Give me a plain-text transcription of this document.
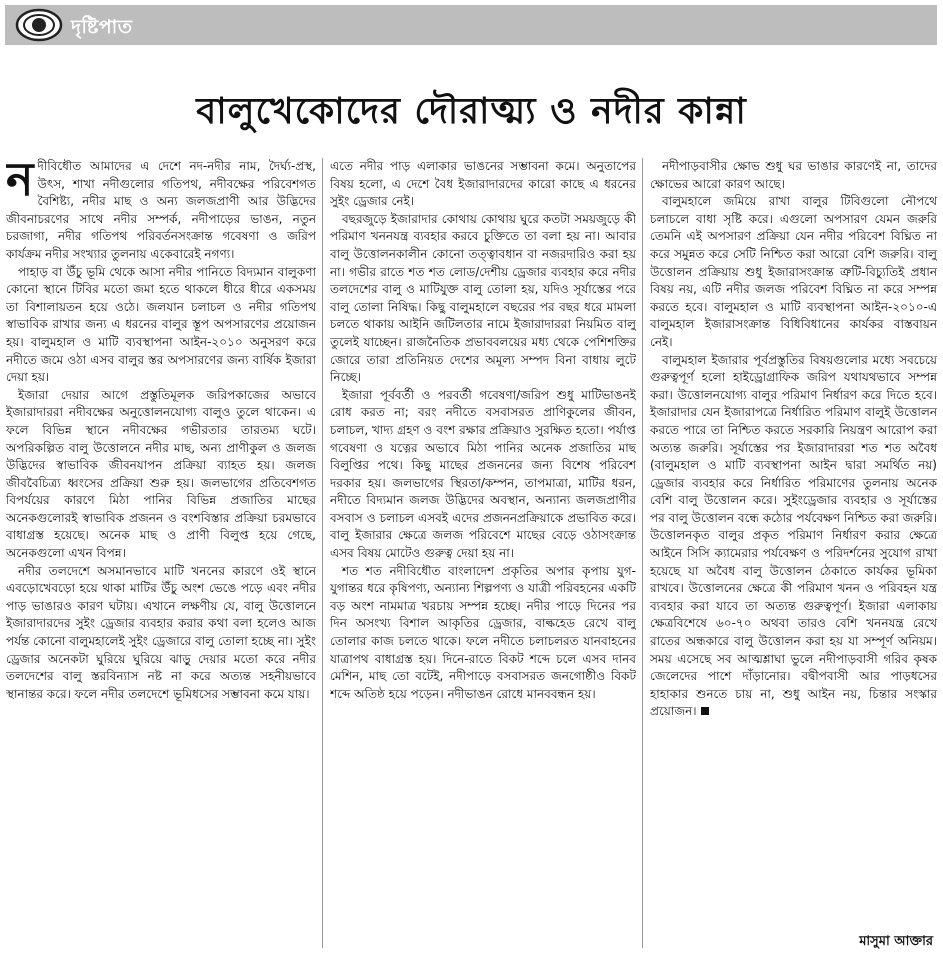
দৃষ্টিপাত
বালুখেকোদের দৌরাত্ম্য ও নদীর কান্না

নদীবিধৌত আমাদের এ দেশে নদ-নদীর নাম, দৈর্ঘ্য-প্রস্থ, উৎস, শাখা নদীগুলোর গতিপথ, নদীবক্ষের পরিবেশগত বৈশিষ্ট্য, নদীর মাছ ও অন্য জলজপ্রাণী আর উদ্ভিদের জীবনাচরণের সাথে নদীর সম্পর্ক, নদীপাড়ের ভাঙন, নতুন চরজাগা, নদীর গতিপথ পরিবর্তনসংক্রান্ত গবেষণা ও জরিপ কার্যক্রম নদীর সংখ্যার তুলনায় একেবারেই নগণ্য।

পাহাড় বা উঁচু ভূমি থেকে আসা নদীর পানিতে বিদ্যমান বালুকণা কোনো স্থানে টিবির মতো জমা হতে থাকলে ধীরে ধীরে একসময় তা বিশালায়তন হয়ে ওঠে। জলযান চলাচল ও নদীর গতিপথ স্বাভাবিক রাখার জন্য এ ধরনের বালুর স্তূপ অপসারণের প্রয়োজন হয়। বালুমহাল ও মাটি ব্যবস্থাপনা আইন-২০১০ অনুসরণ করে নদীতে জমে ওঠা এসব বালুর স্তর অপসারণের জন্য বার্ষিক ইজারা দেয়া হয়।

ইজারা দেয়ার আগে প্রস্তুতিমূলক জরিপকাজের অভাবে ইজারাদাররা নদীবক্ষের অনুত্তোলনযোগ্য বালুও তুলে থাকেন। এ ফলে বিভিন্ন স্থানে নদীবক্ষের গভীরতার তারতম্য ঘটে। অপরিকল্পিত বালু উত্তোলনে নদীর মাছ, অন্য প্রাণীকুল ও জলজ উদ্ভিদের স্বাভাবিক জীবনযাপন প্রক্রিয়া ব্যাহত হয়। জলজ জীববৈচিত্র্য ধ্বংসের প্রক্রিয়া শুরু হয়। জলভাগের প্রতিবেশগত বিপর্যয়ের কারণে মিঠা পানির বিভিন্ন প্রজাতির মাছের অনেকগুলোরই স্বাভাবিক প্রজনন ও বংশবিস্তার প্রক্রিয়া চরমভাবে বাধাগ্রস্ত হয়েছে। অনেক মাছ ও প্রাণী বিলুপ্ত হয়ে গেছে, অনেকগুলো এখন বিপন্ন।

নদীর তলদেশে অসমানভাবে মাটি খননের কারণে ওই স্থানে এবড়োখেবড়ো হয়ে থাকা মাটির উঁচু অংশ ভেঙে পড়ে এবং নদীর পাড় ভাঙারও কারণ ঘটায়। এখানে লক্ষণীয় যে, বালু উত্তোলনে ইজারাদারদের সুইং ড্রেজার ব্যবহার করার কথা বলা হলেও আজ পর্যন্ত কোনো বালুমহালেই সুইং ড্রেজারে বালু তোলা হচ্ছে না। সুইং ড্রেজার অনেকটা ঘুরিয়ে ঘুরিয়ে ঝাড়ু দেয়ার মতো করে নদীর তলদেশের বালু স্তরবিন্যাস নষ্ট না করে অত্যন্ত সহনীয়ভাবে স্থানান্তর করে। ফলে নদীর তলদেশে ভূমিধসের সম্ভাবনা কমে যায়।

এতে নদীর পাড় এলাকার ভাঙনের সম্ভাবনা কমে। অনুতাপের বিষয় হলো, এ দেশে বৈধ ইজারাদারদের কারো কাছে এ ধরনের সুইং ড্রেজার নেই।

বছরজুড়ে ইজারাদার কোথায় কোথায় ঘুরে কতটা সময়জুড়ে কী পরিমাণ খননযন্ত্র ব্যবহার করবে চুক্তিতে তা বলা হয় না। আবার বালু উত্তোলনকালীন কোনো তত্ত্বাবধান বা নজরদারিও করা হয় না। গভীর রাতে শত শত লোড/দেশীয় ড্রেজার ব্যবহার করে নদীর তলদেশের বালু ও মাটিযুক্ত বালু তোলা হয়, যদিও সূর্যাস্তের পরে বালু তোলা নিষিদ্ধ। কিছু বালুমহালে বছরের পর বছর ধরে মামলা চলতে থাকায় আইনি জটিলতার নামে ইজারাদাররা নিয়মিত বালু তুলেই যাচ্ছেন। রাজনৈতিক প্রভাববলয়ের মধ্য থেকে পেশিশক্তির জোরে তারা প্রতিনিয়ত দেশের অমূল্য সম্পদ বিনা বাধায় লুটে নিচ্ছে।

ইজারা পূর্ববর্তী ও পরবর্তী গবেষণা/জরিপ শুধু মাটিভাঙনই রোধ করত না; বরং নদীতে বসবাসরত প্রাণিকুলের জীবন, চলাচল, খাদ্য গ্রহণ ও বংশ রক্ষার প্রক্রিয়াও সুরক্ষিত হতো। পর্যাপ্ত গবেষণা ও যত্নের অভাবে মিঠা পানির অনেক প্রজাতির মাছ বিলুপ্তির পথে। কিছু মাছের প্রজননের জন্য বিশেষ পরিবেশ দরকার হয়। জলভাগের স্থিরতা/কম্পন, তাপমাত্রা, মাটির ধরন, নদীতে বিদ্যমান জলজ উদ্ভিদের অবস্থান, অন্যান্য জলজপ্রাণীর বসবাস ও চলাচল এসবই এদের প্রজননপ্রক্রিয়াকে প্রভাবিত করে। বালু ইজারার ক্ষেত্রে জলজ পরিবেশে মাছের বেড়ে ওঠাসংক্রান্ত এসব বিষয় মোটেও গুরুত্ব দেয়া হয় না।

শত শত নদীবিধৌত বাংলাদেশ প্রকৃতির অপার কৃপায় যুগ-যুগান্তর ধরে কৃষিপণ্য, অন্যান্য শিল্পপণ্য ও যাত্রী পরিবহনের একটি বড় অংশ নামমাত্র খরচায় সম্পন্ন হচ্ছে। নদীর পাড়ে দিনের পর দিন অসংখ্য বিশাল আকৃতির ড্রেজার, বাল্কহেড রেখে বালু তোলার কাজ চলতে থাকে। ফলে নদীতে চলাচলরত যানবাহনের যাত্রাপথ বাধাগ্রস্ত হয়। দিনে-রাতে বিকট শব্দে চলে এসব দানব মেশিন, মাছ তো বটেই, নদীপাড়ে বসবাসরত জনগোষ্ঠীও বিকট শব্দে অতিষ্ঠ হয়ে পড়েন। নদীভাঙন রোধে মানববন্ধন হয়।

নদীপাড়বাসীর ক্ষোভ শুধু ঘর ভাঙার কারণেই না, তাদের ক্ষোভের আরো কারণ আছে।

বালুমহালে জমিয়ে রাখা বালুর টিবিগুলো নৌপথে চলাচলে বাধা সৃষ্টি করে। এগুলো অপসারণ যেমন জরুরি তেমনি এই অপসারণ প্রক্রিয়া যেন নদীর পরিবেশ বিঘ্নিত না করে সমুন্নত করে সেটি নিশ্চিত করা আরো বেশি জরুরি। বালু উত্তোলন প্রক্রিয়ায় শুধু ইজারাসংক্রান্ত ত্রুটি-বিচ্যুতিই প্রধান বিষয় নয়, এটি নদীর জলজ পরিবেশ বিঘ্নিত না করে সম্পন্ন করতে হবে। বালুমহাল ও মাটি ব্যবস্থাপনা আইন-২০১০-এ বালুমহাল ইজারাসংক্রান্ত বিধিবিধানের কার্যকর বাস্তবায়ন নেই।

বালুমহাল ইজারার পূর্বপ্রস্তুতির বিষয়গুলোর মধ্যে সবচেয়ে গুরুত্বপূর্ণ হলো হাইড্রোগ্রাফিক জরিপ যথাযথভাবে সম্পন্ন করা। উত্তোলনযোগ্য বালুর পরিমাণ নির্ধারণ করে দিতে হবে। ইজারাদার যেন ইজারাপত্রে নির্ধারিত পরিমাণ বালুই উত্তোলন করতে পারে তা নিশ্চিত করতে সরকারি নিয়ন্ত্রণ আরোপ করা অত্যন্ত জরুরি। সূর্যাস্তের পর ইজারাদাররা শত শত অবৈধ (বালুমহাল ও মাটি ব্যবস্থাপনা আইন দ্বারা সমর্থিত নয়) ড্রেজার ব্যবহার করে নির্ধারিত পরিমাণের তুলনায় অনেক বেশি বালু উত্তোলন করে। সুইংড্রেজার ব্যবহার ও সূর্যাস্তের পর বালু উত্তোলন বন্ধে কঠোর পর্যবেক্ষণ নিশ্চিত করা জরুরি। উত্তোলনকৃত বালুর প্রকৃত পরিমাণ নির্ধারণ করার ক্ষেত্রে আইনে সিসি ক্যামেরার পর্যবেক্ষণ ও পরিদর্শনের সুযোগ রাখা হয়েছে যা অবৈধ বালু উত্তোলন ঠেকাতে কার্যকর ভূমিকা রাখবে। উত্তোলনের ক্ষেত্রে কী পরিমাণ খনন ও পরিবহন যন্ত্র ব্যবহার করা যাবে তা অত্যন্ত গুরুত্বপূর্ণ। ইজারা এলাকায় ক্ষেত্রবিশেষে ৬০-৭০ অথবা তারও বেশি খননযন্ত্র রেখে রাতের অন্ধকারে বালু উত্তোলন করা হয় যা সম্পূর্ণ অনিয়ম। সময় এসেছে সব আত্মশ্লাঘা ভুলে নদীপাড়বাসী গরিব কৃষক জেলেদের পাশে দাঁড়ানোর। বদ্বীপবাসী আর পাড়ধসের হাহাকার শুনতে চায় না, শুধু আইন নয়, চিন্তার সংস্কার প্রয়োজন।

মাসুমা আক্তার
